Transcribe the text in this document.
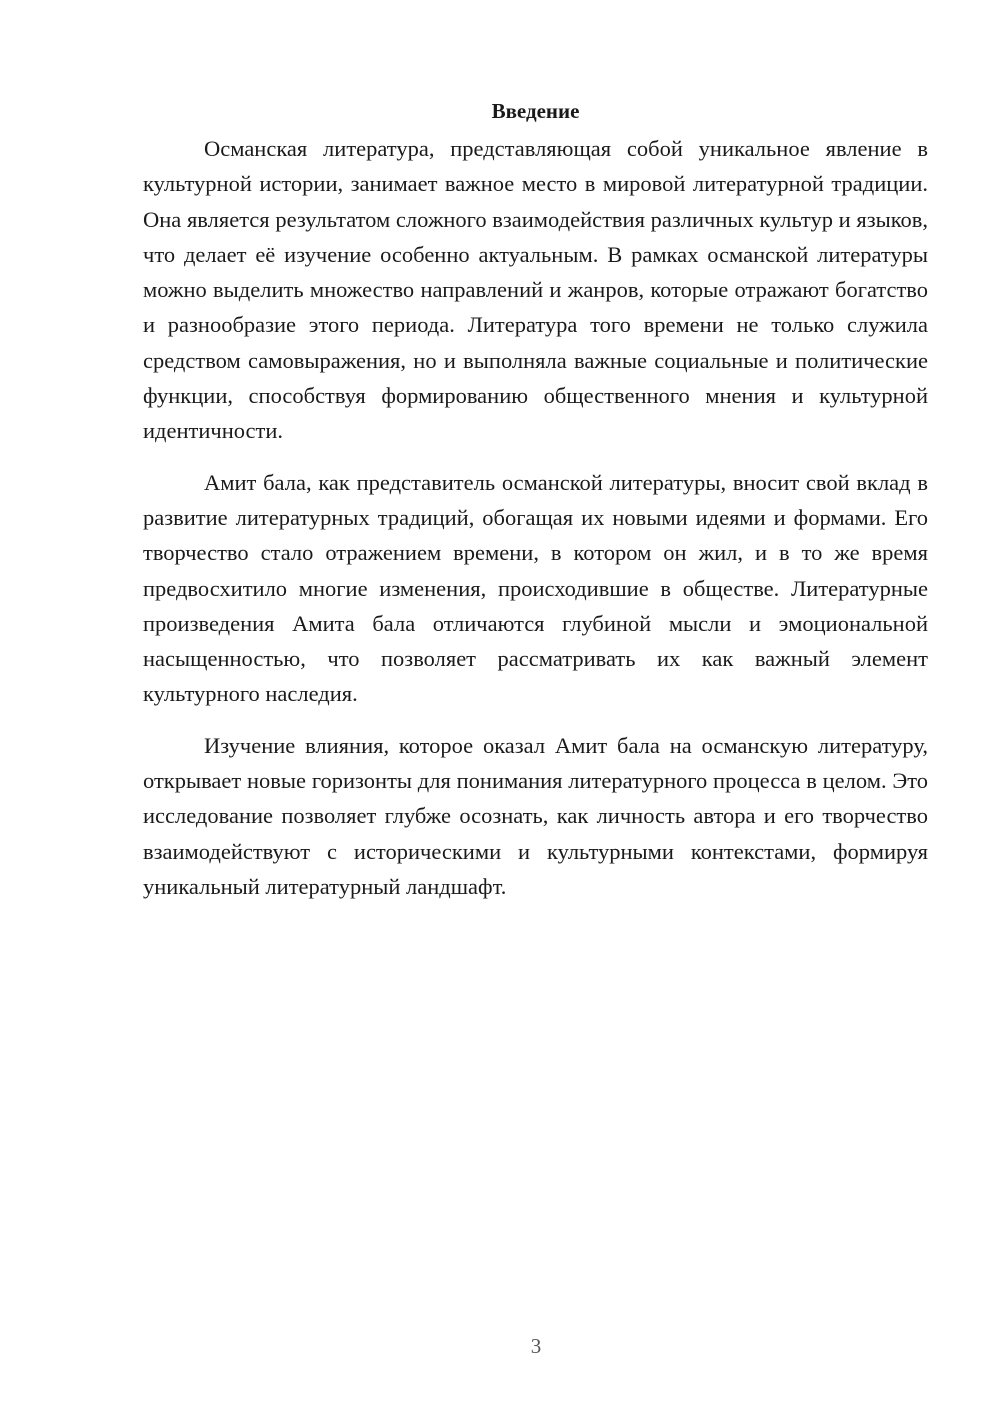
Введение

Османская литература, представляющая собой уникальное явление в культурной истории, занимает важное место в мировой литературной традиции. Она является результатом сложного взаимодействия различных культур и языков, что делает её изучение особенно актуальным. В рамках османской литературы можно выделить множество направлений и жанров, которые отражают богатство и разнообразие этого периода. Литература того времени не только служила средством самовыражения, но и выполняла важные социальные и политические функции, способствуя формированию общественного мнения и культурной идентичности.

Амит бала, как представитель османской литературы, вносит свой вклад в развитие литературных традиций, обогащая их новыми идеями и формами. Его творчество стало отражением времени, в котором он жил, и в то же время предвосхитило многие изменения, происходившие в обществе. Литературные произведения Амита бала отличаются глубиной мысли и эмоциональной насыщенностью, что позволяет рассматривать их как важный элемент культурного наследия.

Изучение влияния, которое оказал Амит бала на османскую литературу, открывает новые горизонты для понимания литературного процесса в целом. Это исследование позволяет глубже осознать, как личность автора и его творчество взаимодействуют с историческими и культурными контекстами, формируя уникальный литературный ландшафт.

3
